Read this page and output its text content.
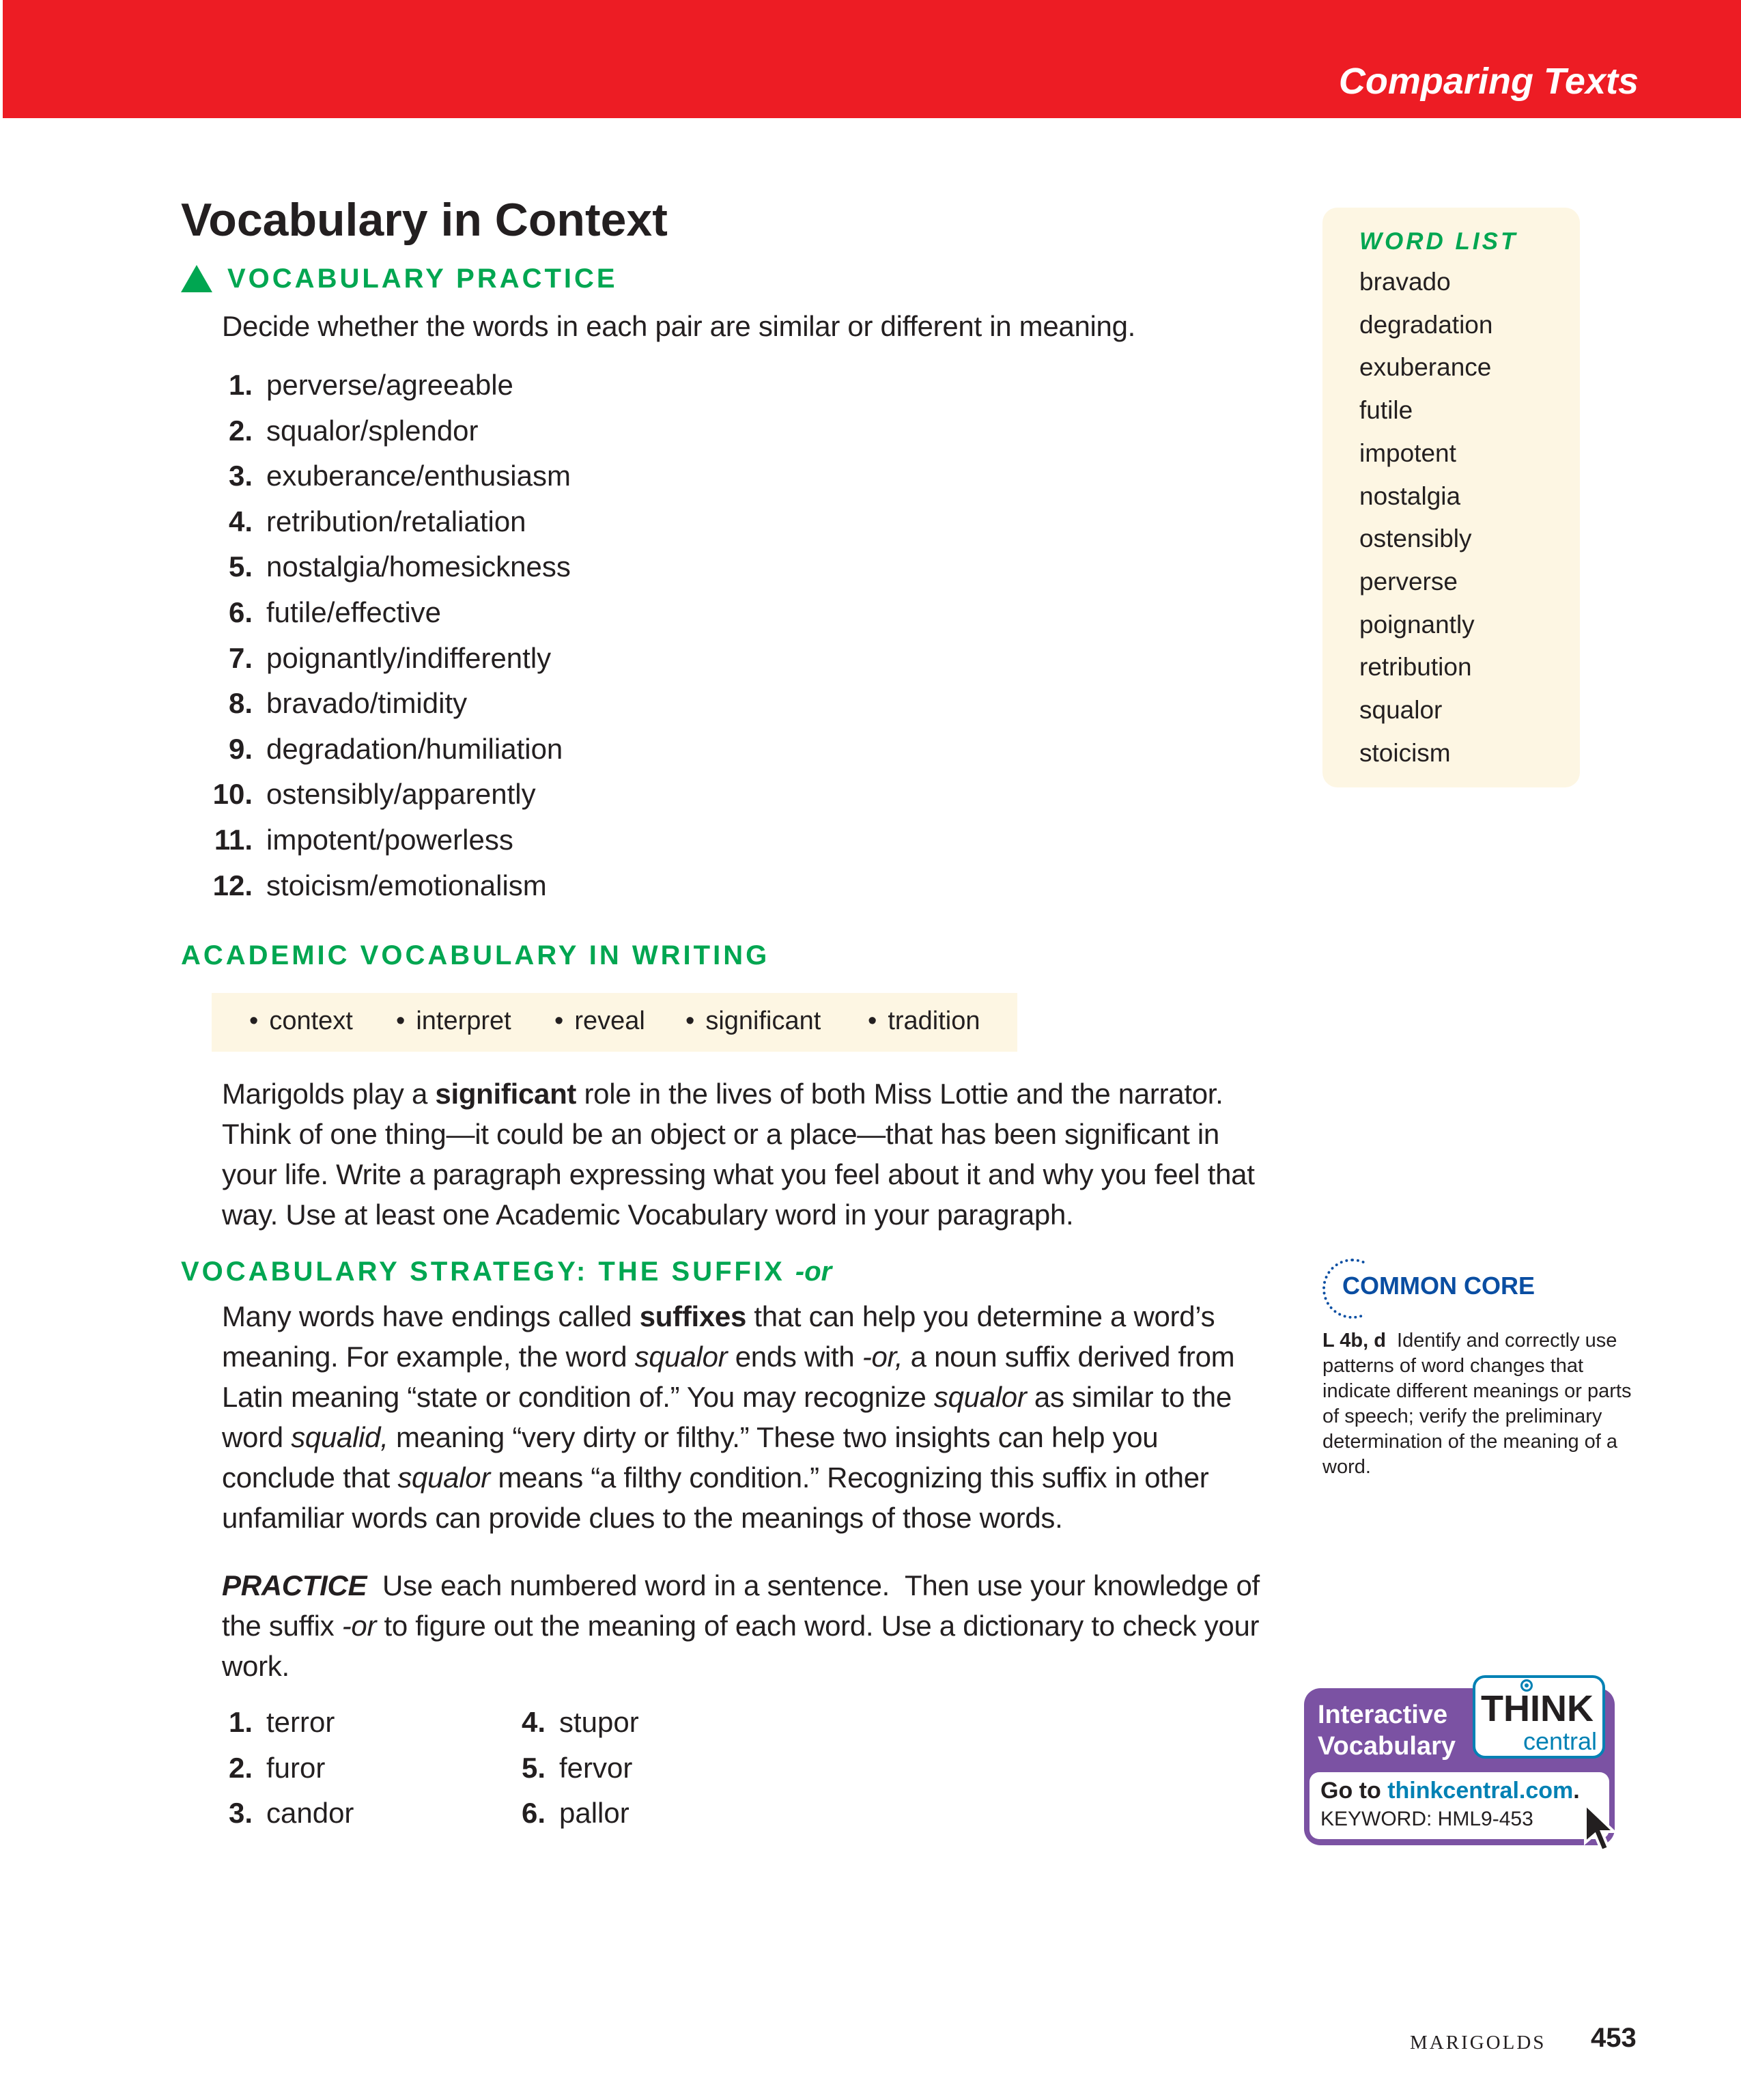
Comparing Texts
Vocabulary in Context
VOCABULARY PRACTICE
Decide whether the words in each pair are similar or different in meaning.
1. perverse/agreeable
2. squalor/splendor
3. exuberance/enthusiasm
4. retribution/retaliation
5. nostalgia/homesickness
6. futile/effective
7. poignantly/indifferently
8. bravado/timidity
9. degradation/humiliation
10. ostensibly/apparently
11. impotent/powerless
12. stoicism/emotionalism
ACADEMIC VOCABULARY IN WRITING
• context	• interpret	• reveal	• significant	• tradition
Marigolds play a significant role in the lives of both Miss Lottie and the narrator. Think of one thing—it could be an object or a place—that has been significant in your life. Write a paragraph expressing what you feel about it and why you feel that way. Use at least one Academic Vocabulary word in your paragraph.
VOCABULARY STRATEGY: THE SUFFIX -or
Many words have endings called suffixes that can help you determine a word’s meaning. For example, the word squalor ends with -or, a noun suffix derived from Latin meaning “state or condition of.” You may recognize squalor as similar to the word squalid, meaning “very dirty or filthy.” These two insights can help you conclude that squalor means “a filthy condition.” Recognizing this suffix in other unfamiliar words can provide clues to the meanings of those words.
PRACTICE  Use each numbered word in a sentence.  Then use your knowledge of the suffix -or to figure out the meaning of each word. Use a dictionary to check your work.
1. terror
2. furor
3. candor
4. stupor
5. fervor
6. pallor
WORD LIST
bravado
degradation
exuberance
futile
impotent
nostalgia
ostensibly
perverse
poignantly
retribution
squalor
stoicism
COMMON CORE
L 4b, d Identify and correctly use patterns of word changes that indicate different meanings or parts of speech; verify the preliminary determination of the meaning of a word.
Interactive
Vocabulary
THINK
central
Go to thinkcentral.com.
KEYWORD: HML9-453
MARIGOLDS 453
